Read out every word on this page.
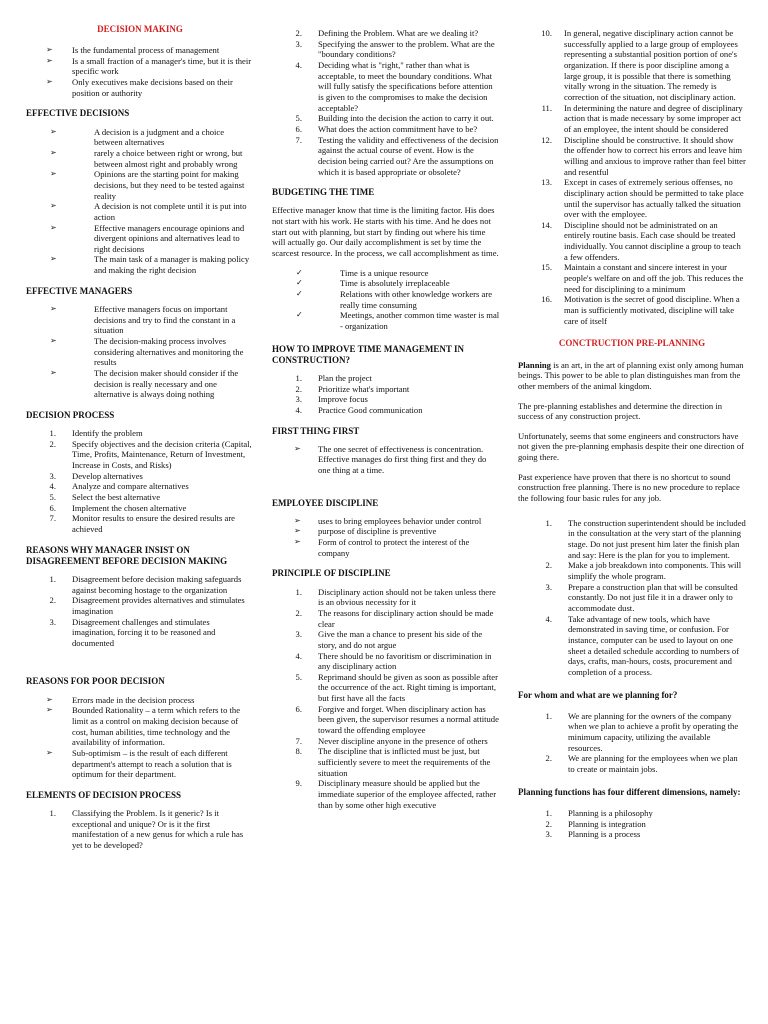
DECISION MAKING
➢ Is the fundamental process of management
➢ Is a small fraction of a manager's time, but it is their specific work
➢ Only executives make decisions based on their position or authority
EFFECTIVE DECISIONS
➢	A decision is a judgment and a choice between alternatives
➢	rarely a choice between right or wrong, but between almost right and probably wrong
➢	Opinions are the starting point for making decisions, but they need to be tested against reality
➢	A decision is not complete until it is put into action
➢	Effective managers encourage opinions and divergent opinions and alternatives lead to right decisions
➢	The main task of a manager is making policy and making the right decision
EFFECTIVE MANAGERS
➢	Effective managers focus on important decisions and try to find the constant in a situation
➢	The decision-making process involves considering alternatives and monitoring the results
➢	The decision maker should consider if the decision is really necessary and one alternative is always doing nothing
DECISION PROCESS
1. Identify the problem
2. Specify objectives and the decision criteria (Capital, Time, Profits, Maintenance, Return of Investment, Increase in Costs, and Risks)
3. Develop alternatives
4. Analyze and compare alternatives
5. Select the best alternative
6. Implement the chosen alternative
7. Monitor results to ensure the desired results are achieved
REASONS WHY MANAGER INSIST ON DISAGREEMENT BEFORE DECISION MAKING
1. Disagreement before decision making safeguards against becoming hostage to the organization
2. Disagreement provides alternatives and stimulates imagination
3. Disagreement challenges and stimulates imagination, forcing it to be reasoned and documented
REASONS FOR POOR DECISION
➢ Errors made in the decision process
➢ Bounded Rationality – a term which refers to the limit as a control on making decision because of cost, human abilities, time technology and the availability of information.
➢ Sub-optimism – is the result of each different department's attempt to reach a solution that is optimum for their department.
ELEMENTS OF DECISION PROCESS
1. Classifying the Problem. Is it generic? Is it exceptional and unique? Or is it the first manifestation of a new genus for which a rule has yet to be developed?
2. Defining the Problem. What are we dealing it?
3. Specifying the answer to the problem. What are the "boundary conditions?
4. Deciding what is "right," rather than what is acceptable, to meet the boundary conditions. What will fully satisfy the specifications before attention is given to the compromises to make the decision acceptable?
5. Building into the decision the action to carry it out.
6. What does the action commitment have to be?
7. Testing the validity and effectiveness of the decision against the actual course of event. How is the decision being carried out? Are the assumptions on which it is based appropriate or obsolete?
BUDGETING THE TIME
Effective manager know that time is the limiting factor. His does not start with his work. He starts with his time. And he does not start out with planning, but start by finding out where his time will actually go. Our daily accomplishment is set by time the scarcest resource. In the process, we call accomplishment as time.
✓	Time is a unique resource
✓	Time is absolutely irreplaceable
✓	Relations with other knowledge workers are really time consuming
✓	Meetings, another common time waster is mal - organization
HOW TO IMPROVE TIME MANAGEMENT IN CONSTRUCTION?
1. Plan the project
2. Prioritize what's important
3. Improve focus
4. Practice Good communication
FIRST THING FIRST
➢ The one secret of effectiveness is concentration. Effective manages do first thing first and they do one thing at a time.
EMPLOYEE DISCIPLINE
➢ uses to bring employees behavior under control
➢ purpose of discipline is preventive
➢ Form of control to protect the interest of the company
PRINCIPLE OF DISCIPLINE
1. Disciplinary action should not be taken unless there is an obvious necessity for it
2. The reasons for disciplinary action should be made clear
3. Give the man a chance to present his side of the story, and do not argue
4. There should be no favoritism or discrimination in any disciplinary action
5. Reprimand should be given as soon as possible after the occurrence of the act. Right timing is important, but first have all the facts
6. Forgive and forget. When disciplinary action has been given, the supervisor resumes a normal attitude toward the offending employee
7. Never discipline anyone in the presence of others
8. The discipline that is inflicted must be just, but sufficiently severe to meet the requirements of the situation
9. Disciplinary measure should be applied but the immediate superior of the employee affected, rather than by some other high executive
10. In general, negative disciplinary action cannot be successfully applied to a large group of employees representing a substantial position portion of one's organization. If there is poor discipline among a large group, it is possible that there is something vitally wrong in the situation. The remedy is correction of the situation, not disciplinary action.
11. In determining the nature and degree of disciplinary action that is made necessary by some improper act of an employee, the intent should be considered
12. Discipline should be constructive. It should show the offender how to correct his errors and leave him willing and anxious to improve rather than feel bitter and resentful
13. Except in cases of extremely serious offenses, no disciplinary action should be permitted to take place until the supervisor has actually talked the situation over with the employee.
14. Discipline should not be administrated on an entirely routine basis. Each case should be treated individually. You cannot discipline a group to teach a few offenders.
15. Maintain a constant and sincere interest in your people's welfare on and off the job. This reduces the need for disciplining to a minimum
16. Motivation is the secret of good discipline. When a man is sufficiently motivated, discipline will take care of itself
CONCTRUCTION PRE-PLANNING
Planning is an art, in the art of planning exist only among human beings. This power to be able to plan distinguishes man from the other members of the animal kingdom.
The pre-planning establishes and determine the direction in success of any construction project.
Unfortunately, seems that some engineers and constructors have not given the pre-planning emphasis despite their one direction of going there.
Past experience have proven that there is no shortcut to sound construction free planning. There is no new procedure to replace the following four basic rules for any job.
1. The construction superintendent should be included in the consultation at the very start of the planning stage. Do not just present him later the finish plan and say: Here is the plan for you to implement.
2. Make a job breakdown into components. This will simplify the whole program.
3. Prepare a construction plan that will be consulted constantly. Do not just file it in a drawer only to accommodate dust.
4. Take advantage of new tools, which have demonstrated in saving time, or confusion. For instance, computer can be used to layout on one sheet a detailed schedule according to numbers of days, crafts, man-hours, costs, procurement and completion of a process.
For whom and what are we planning for?
1. We are planning for the owners of the company when we plan to achieve a profit by operating the minimum capacity, utilizing the available resources.
2. We are planning for the employees when we plan to create or maintain jobs.
Planning functions has four different dimensions, namely:
1. Planning is a philosophy
2. Planning is integration
3. Planning is a process
